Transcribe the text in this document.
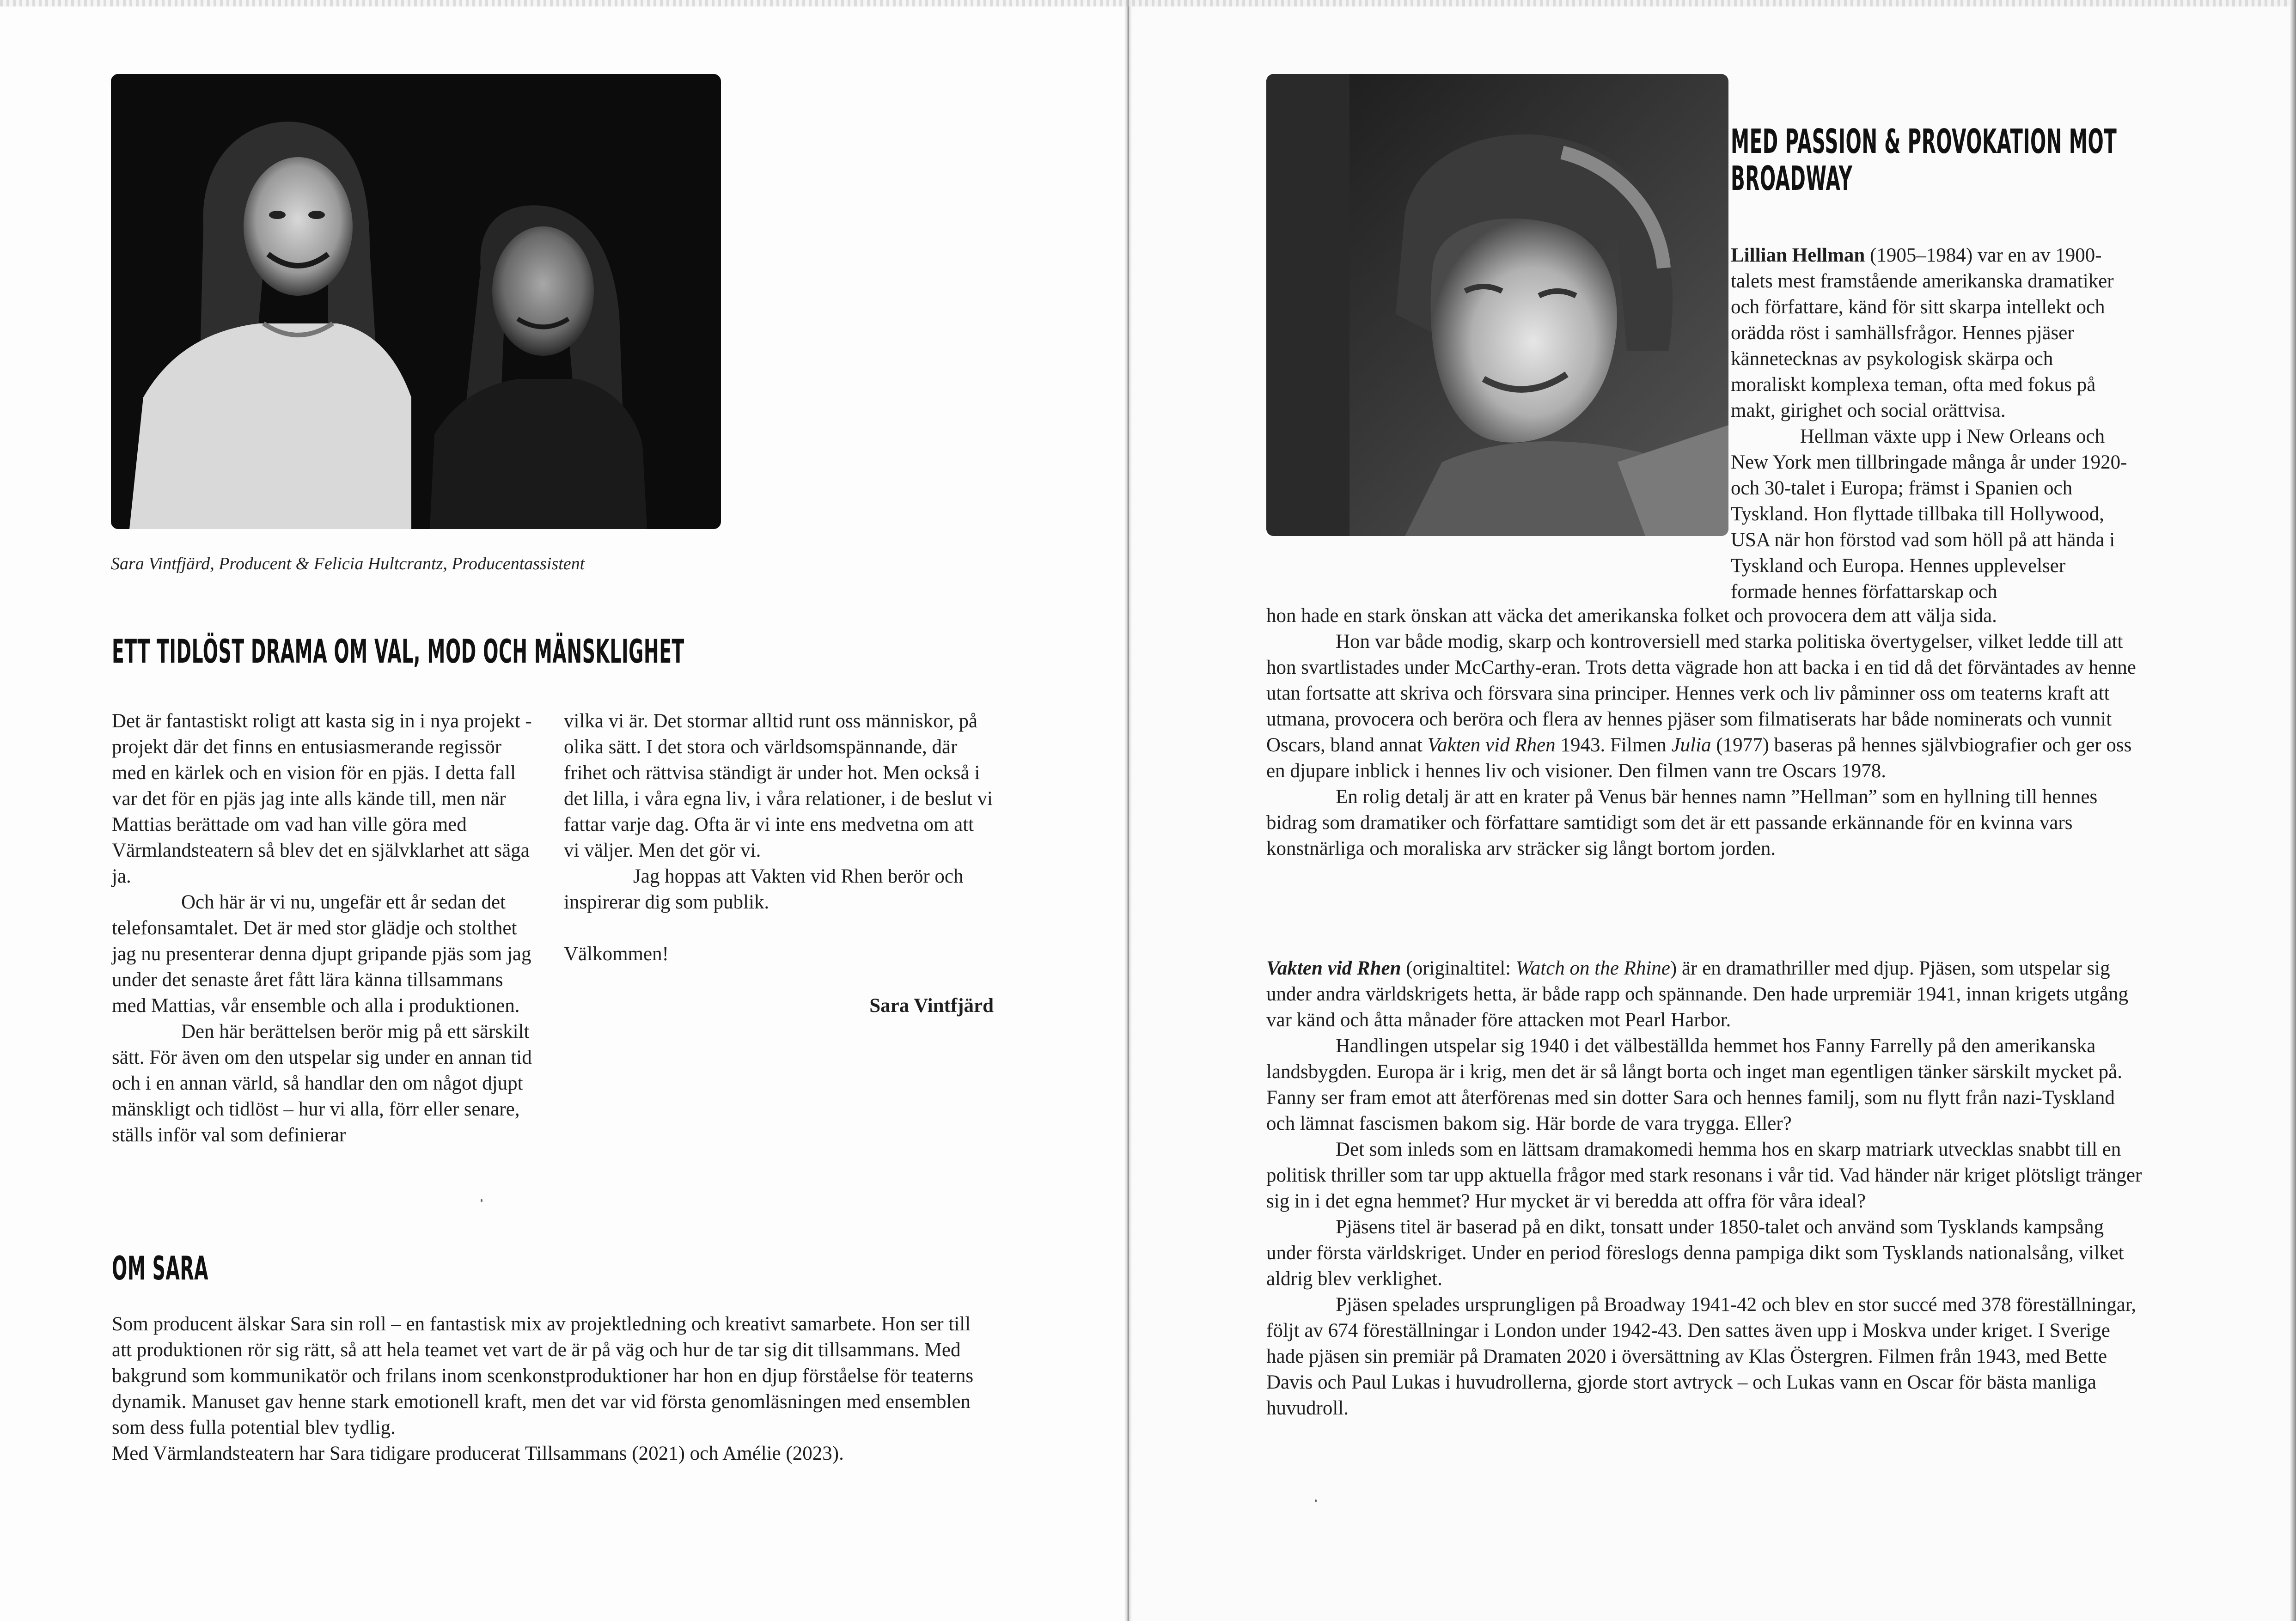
Sara Vintfjärd, Producent & Felicia Hultcrantz, Producentassistent
ETT TIDLÖST DRAMA OM VAL, MOD OCH MÄNSKLIGHET

Det är fantastiskt roligt att kasta sig in i nya projekt - projekt där det finns en entusiasmerande regissör med en kärlek och en vision för en pjäs. I detta fall var det för en pjäs jag inte alls kände till, men när Mattias berättade om vad han ville göra med Värmlandsteatern så blev det en självklarhet att säga ja.

Och här är vi nu, ungefär ett år sedan det telefonsamtalet. Det är med stor glädje och stolthet jag nu presenterar denna djupt gripande pjäs som jag under det senaste året fått lära känna tillsammans med Mattias, vår ensemble och alla i produktionen.

Den här berättelsen berör mig på ett särskilt sätt. För även om den utspelar sig under en annan tid och i en annan värld, så handlar den om något djupt mänskligt och tidlöst – hur vi alla, förr eller senare, ställs inför val som definierar

vilka vi är. Det stormar alltid runt oss människor, på olika sätt. I det stora och världsomspännande, där frihet och rättvisa ständigt är under hot. Men också i det lilla, i våra egna liv, i våra relationer, i de beslut vi fattar varje dag. Ofta är vi inte ens medvetna om att vi väljer. Men det gör vi.

Jag hoppas att Vakten vid Rhen berör och inspirerar dig som publik.

Välkommen!

Sara Vintfjärd

OM SARA

Som producent älskar Sara sin roll – en fantastisk mix av projektledning och kreativt samarbete. Hon ser till att produktionen rör sig rätt, så att hela teamet vet vart de är på väg och hur de tar sig dit tillsammans. Med bakgrund som kommunikatör och frilans inom scenkonstproduktioner har hon en djup förståelse för teaterns dynamik. Manuset gav henne stark emotionell kraft, men det var vid första genomläsningen med ensemblen som dess fulla potential blev tydlig.

Med Värmlandsteatern har Sara tidigare producerat Tillsammans (2021) och Amélie (2023).

MED PASSION & PROVOKATION MOT
BROADWAY

Lillian Hellman (1905–1984) var en av 1900-talets mest framstående amerikanska dramatiker och författare, känd för sitt skarpa intellekt och orädda röst i samhällsfrågor. Hennes pjäser kännetecknas av psykologisk skärpa och moraliskt komplexa teman, ofta med fokus på makt, girighet och social orättvisa.

Hellman växte upp i New Orleans och New York men tillbringade många år under 1920- och 30-talet i Europa; främst i Spanien och Tyskland. Hon flyttade tillbaka till Hollywood, USA när hon förstod vad som höll på att hända i Tyskland och Europa. Hennes upplevelser formade hennes författarskap och

hon hade en stark önskan att väcka det amerikanska folket och provocera dem att välja sida.

Hon var både modig, skarp och kontroversiell med starka politiska övertygelser, vilket ledde till att hon svartlistades under McCarthy-eran. Trots detta vägrade hon att backa i en tid då det förväntades av henne utan fortsatte att skriva och försvara sina principer. Hennes verk och liv påminner oss om teaterns kraft att utmana, provocera och beröra och flera av hennes pjäser som filmatiserats har både nominerats och vunnit Oscars, bland annat Vakten vid Rhen 1943. Filmen Julia (1977) baseras på hennes självbiografier och ger oss en djupare inblick i hennes liv och visioner. Den filmen vann tre Oscars 1978.

En rolig detalj är att en krater på Venus bär hennes namn ”Hellman” som en hyllning till hennes bidrag som dramatiker och författare samtidigt som det är ett passande erkännande för en kvinna vars konstnärliga och moraliska arv sträcker sig långt bortom jorden.

Vakten vid Rhen (originaltitel: Watch on the Rhine) är en dramathriller med djup. Pjäsen, som utspelar sig under andra världskrigets hetta, är både rapp och spännande. Den hade urpremiär 1941, innan krigets utgång var känd och åtta månader före attacken mot Pearl Harbor.

Handlingen utspelar sig 1940 i det välbeställda hemmet hos Fanny Farrelly på den amerikanska landsbygden. Europa är i krig, men det är så långt borta och inget man egentligen tänker särskilt mycket på. Fanny ser fram emot att återförenas med sin dotter Sara och hennes familj, som nu flytt från nazi-Tyskland och lämnat fascismen bakom sig. Här borde de vara trygga. Eller?

Det som inleds som en lättsam dramakomedi hemma hos en skarp matriark utvecklas snabbt till en politisk thriller som tar upp aktuella frågor med stark resonans i vår tid. Vad händer när kriget plötsligt tränger sig in i det egna hemmet? Hur mycket är vi beredda att offra för våra ideal?

Pjäsens titel är baserad på en dikt, tonsatt under 1850-talet och använd som Tysklands kampsång under första världskriget. Under en period föreslogs denna pampiga dikt som Tysklands nationalsång, vilket aldrig blev verklighet.

Pjäsen spelades ursprungligen på Broadway 1941-42 och blev en stor succé med 378 föreställningar, följt av 674 föreställningar i London under 1942-43. Den sattes även upp i Moskva under kriget. I Sverige hade pjäsen sin premiär på Dramaten 2020 i översättning av Klas Östergren. Filmen från 1943, med Bette Davis och Paul Lukas i huvudrollerna, gjorde stort avtryck – och Lukas vann en Oscar för bästa manliga huvudroll.
